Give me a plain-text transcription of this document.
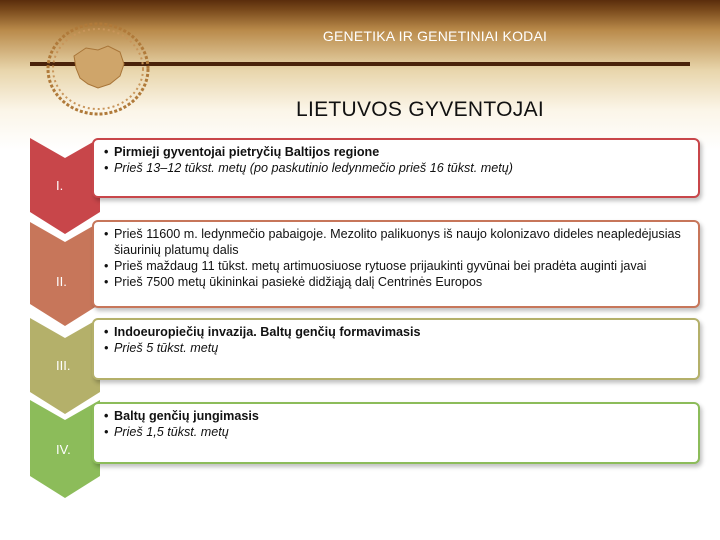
GENETIKA IR GENETINIAI KODAI
LIETUVOS GYVENTOJAI
I.
• Pirmieji gyventojai pietryčių Baltijos regione
• Prieš 13–12 tūkst. metų (po paskutinio ledynmečio prieš 16 tūkst. metų)
II.
• Prieš 11600 m. ledynmečio pabaigoje. Mezolito palikuonys iš naujo kolonizavo dideles neapledėjusias šiaurinių platumų dalis
• Prieš maždaug 11 tūkst. metų artimuosiuose rytuose prijaukinti gyvūnai bei pradėta auginti javai
• Prieš 7500 metų ūkininkai pasiekė didžiąją dalį Centrinės Europos
III.
• Indoeuropiečių invazija. Baltų genčių formavimasis
• Prieš 5 tūkst. metų
IV.
• Baltų genčių jungimasis
• Prieš 1,5 tūkst. metų
